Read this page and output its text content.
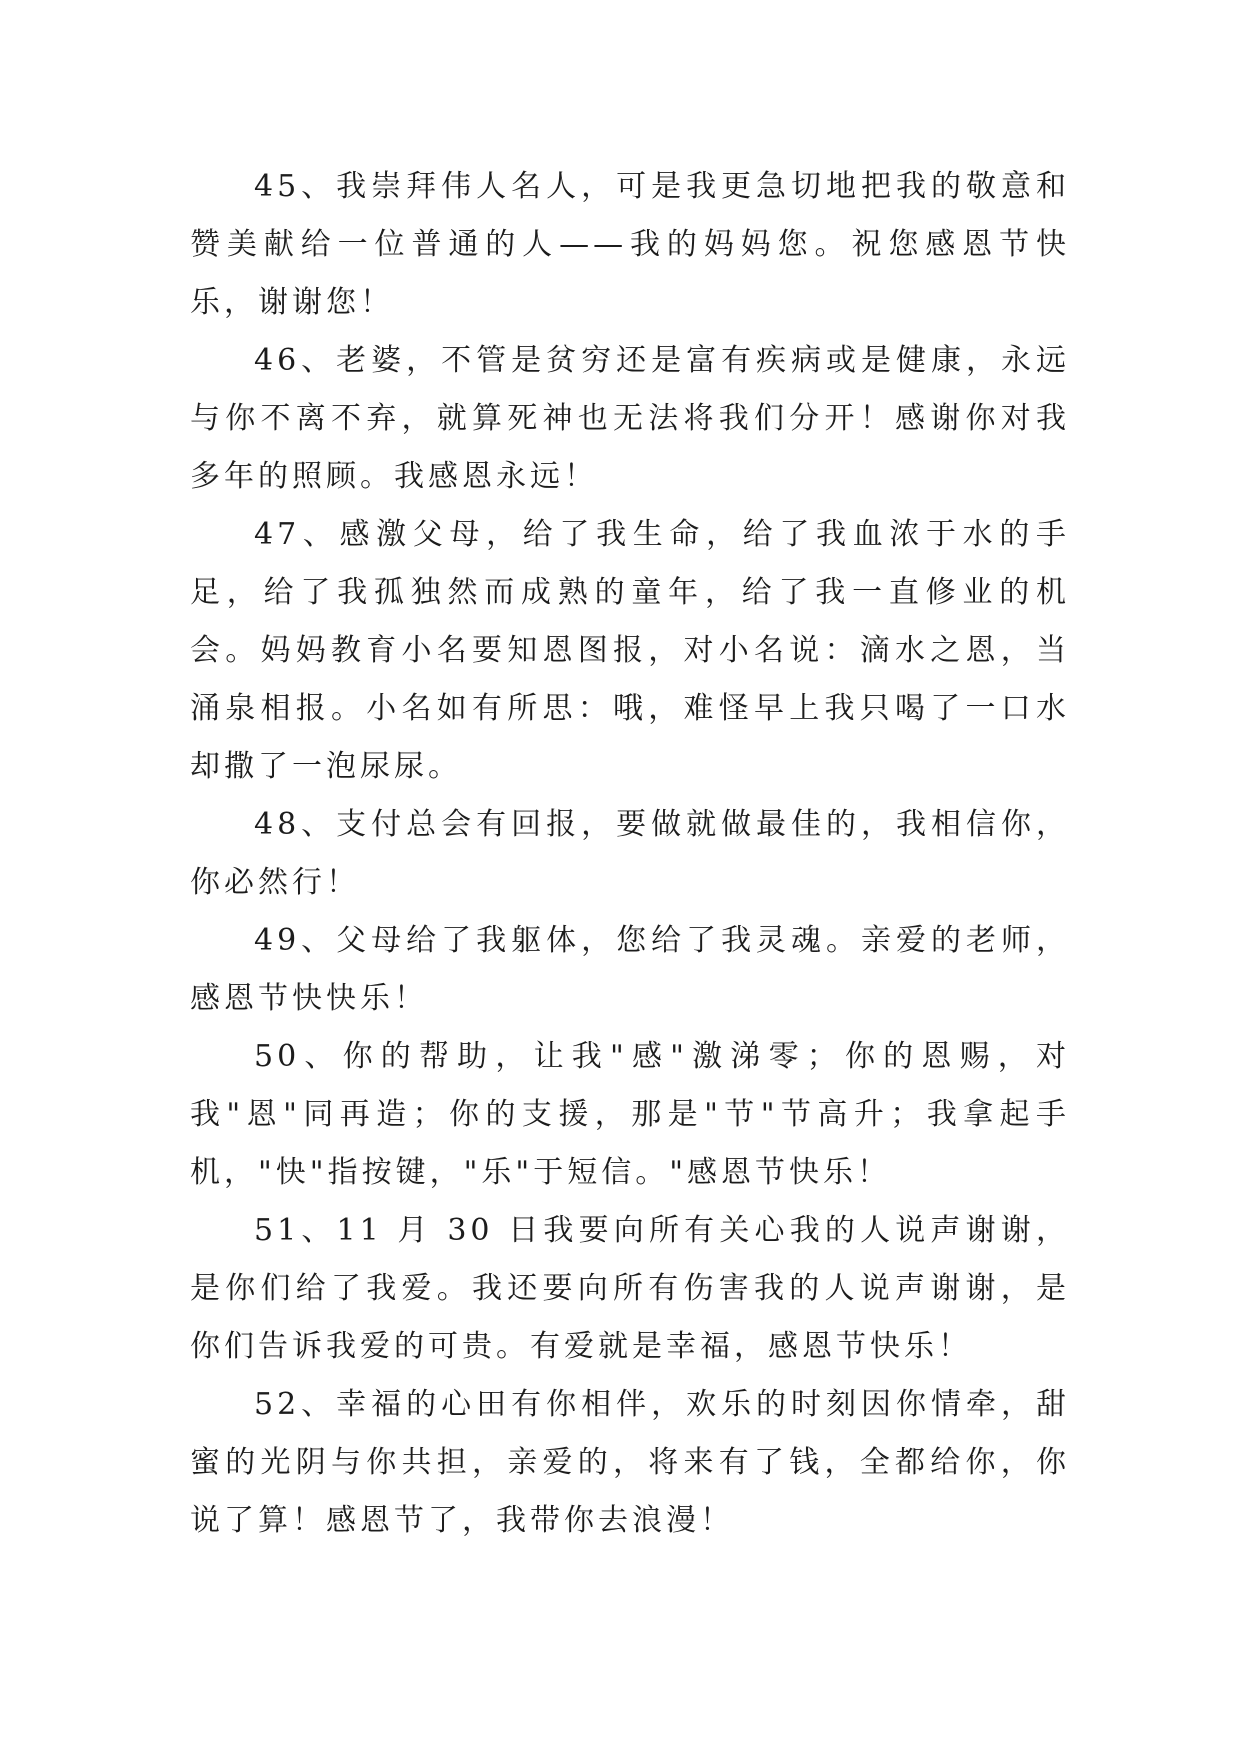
45、我崇拜伟人名人，可是我更急切地把我的敬意和赞美献给一位普通的人——我的妈妈您。祝您感恩节快乐，谢谢您！

46、老婆，不管是贫穷还是富有疾病或是健康，永远与你不离不弃，就算死神也无法将我们分开！感谢你对我多年的照顾。我感恩永远！

47、感激父母，给了我生命，给了我血浓于水的手足，给了我孤独然而成熟的童年，给了我一直修业的机会。妈妈教育小名要知恩图报，对小名说：滴水之恩，当涌泉相报。小名如有所思：哦，难怪早上我只喝了一口水却撒了一泡尿尿。

48、支付总会有回报，要做就做最佳的，我相信你，你必然行！

49、父母给了我躯体，您给了我灵魂。亲爱的老师，感恩节快快乐！

50、你的帮助，让我"感"激涕零；你的恩赐，对我"恩"同再造；你的支援，那是"节"节高升；我拿起手机，"快"指按键，"乐"于短信。"感恩节快乐！

51、11 月 30 日我要向所有关心我的人说声谢谢，是你们给了我爱。我还要向所有伤害我的人说声谢谢，是你们告诉我爱的可贵。有爱就是幸福，感恩节快乐！

52、幸福的心田有你相伴，欢乐的时刻因你情牵，甜蜜的光阴与你共担，亲爱的，将来有了钱，全都给你，你说了算！感恩节了，我带你去浪漫！
